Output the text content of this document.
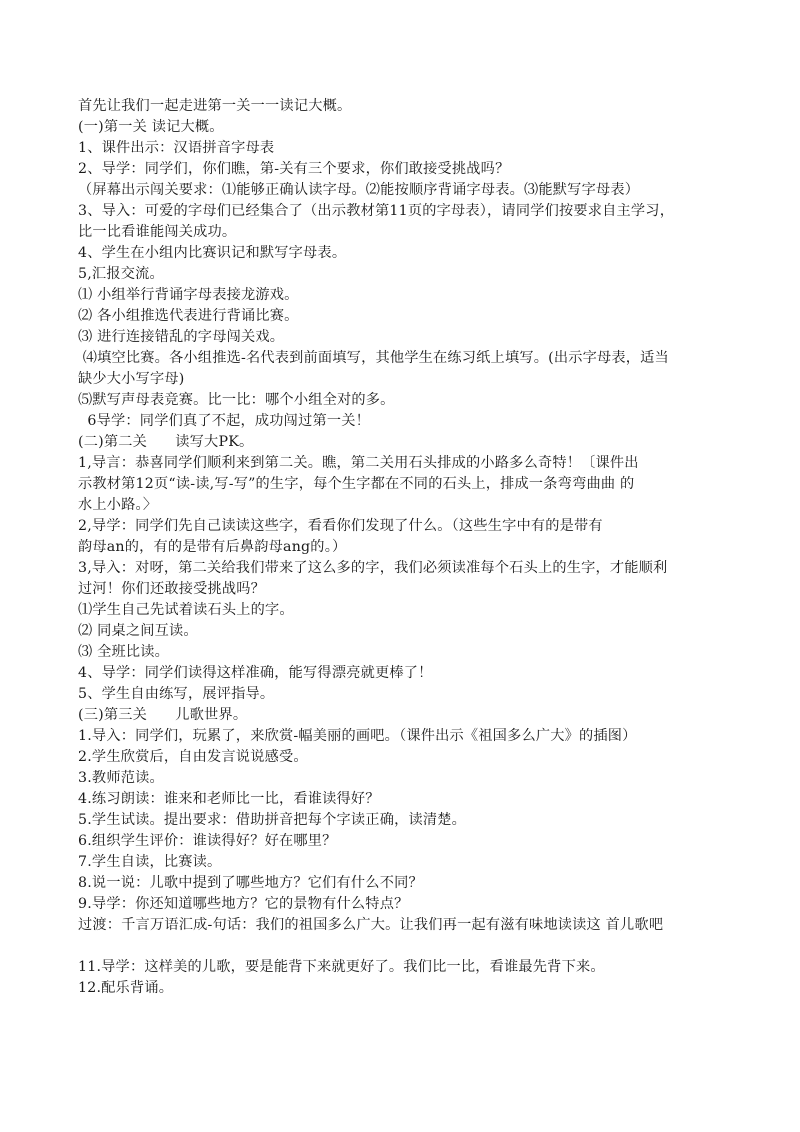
首先让我们一起走进第一关一一读记大概。
(一)第一关 读记大概。
1、课件出示：汉语拼音字母表
2、导学：同学们，你们瞧，第-关有三个要求，你们敢接受挑战吗？
（屏幕出示闯关要求：⑴能够正确认读字母。⑵能按顺序背诵字母表。⑶能默写字母表）
3、导入：可爱的字母们已经集合了（出示教材第11页的字母表），请同学们按要求自主学习，
比一比看谁能闯关成功。
4、学生在小组内比赛识记和默写字母表。
5,汇报交流。
⑴ 小组举行背诵字母表接龙游戏。
⑵ 各小组推选代表进行背诵比赛。
⑶ 进行连接错乱的字母闯关戏。
⑷填空比赛。各小组推选-名代表到前面填写，其他学生在练习纸上填写。(出示字母表，适当
缺少大小写字母)
⑸默写声母表竞赛。比一比：哪个小组全对的多。
6导学：同学们真了不起，成功闯过第一关！
(二)第二关      读写大PK。
1,导言：恭喜同学们顺利来到第二关。瞧，第二关用石头排成的小路多么奇特！〔课件出
示教材第12页“读-读,写-写”的生字，每个生字都在不同的石头上，排成一条弯弯曲曲 的
水上小路。〉
2,导学：同学们先自己读读这些字，看看你们发现了什么。（这些生字中有的是带有
韵母an的，有的是带有后鼻韵母ang的。）
3,导入：对呀，第二关给我们带来了这么多的字，我们必须读准每个石头上的生字，才能顺利
过河！你们还敢接受挑战吗？
⑴学生自己先试着读石头上的字。
⑵ 同桌之间互读。
⑶ 全班比读。
4、导学：同学们读得这样准确，能写得漂亮就更棒了！
5、学生自由练写，展评指导。
(三)第三关      儿歌世界。
1.导入：同学们，玩累了，来欣赏-幅美丽的画吧。（课件出示《祖国多么广大》的插图）
2.学生欣赏后，自由发言说说感受。
3.教师范读。
4.练习朗读：谁来和老师比一比，看谁读得好？
5.学生试读。提出要求：借助拼音把每个字读正确，读清楚。
6.组织学生评价：谁读得好？好在哪里？
7.学生自读，比赛读。
8.说一说：儿歌中提到了哪些地方？它们有什么不同？
9.导学：你还知道哪些地方？它的景物有什么特点？
过渡：千言万语汇成-句话：我们的祖国多么广大。让我们再一起有滋有味地读读这 首儿歌吧
11.导学：这样美的儿歌，要是能背下来就更好了。我们比一比，看谁最先背下来。
12.配乐背诵。
